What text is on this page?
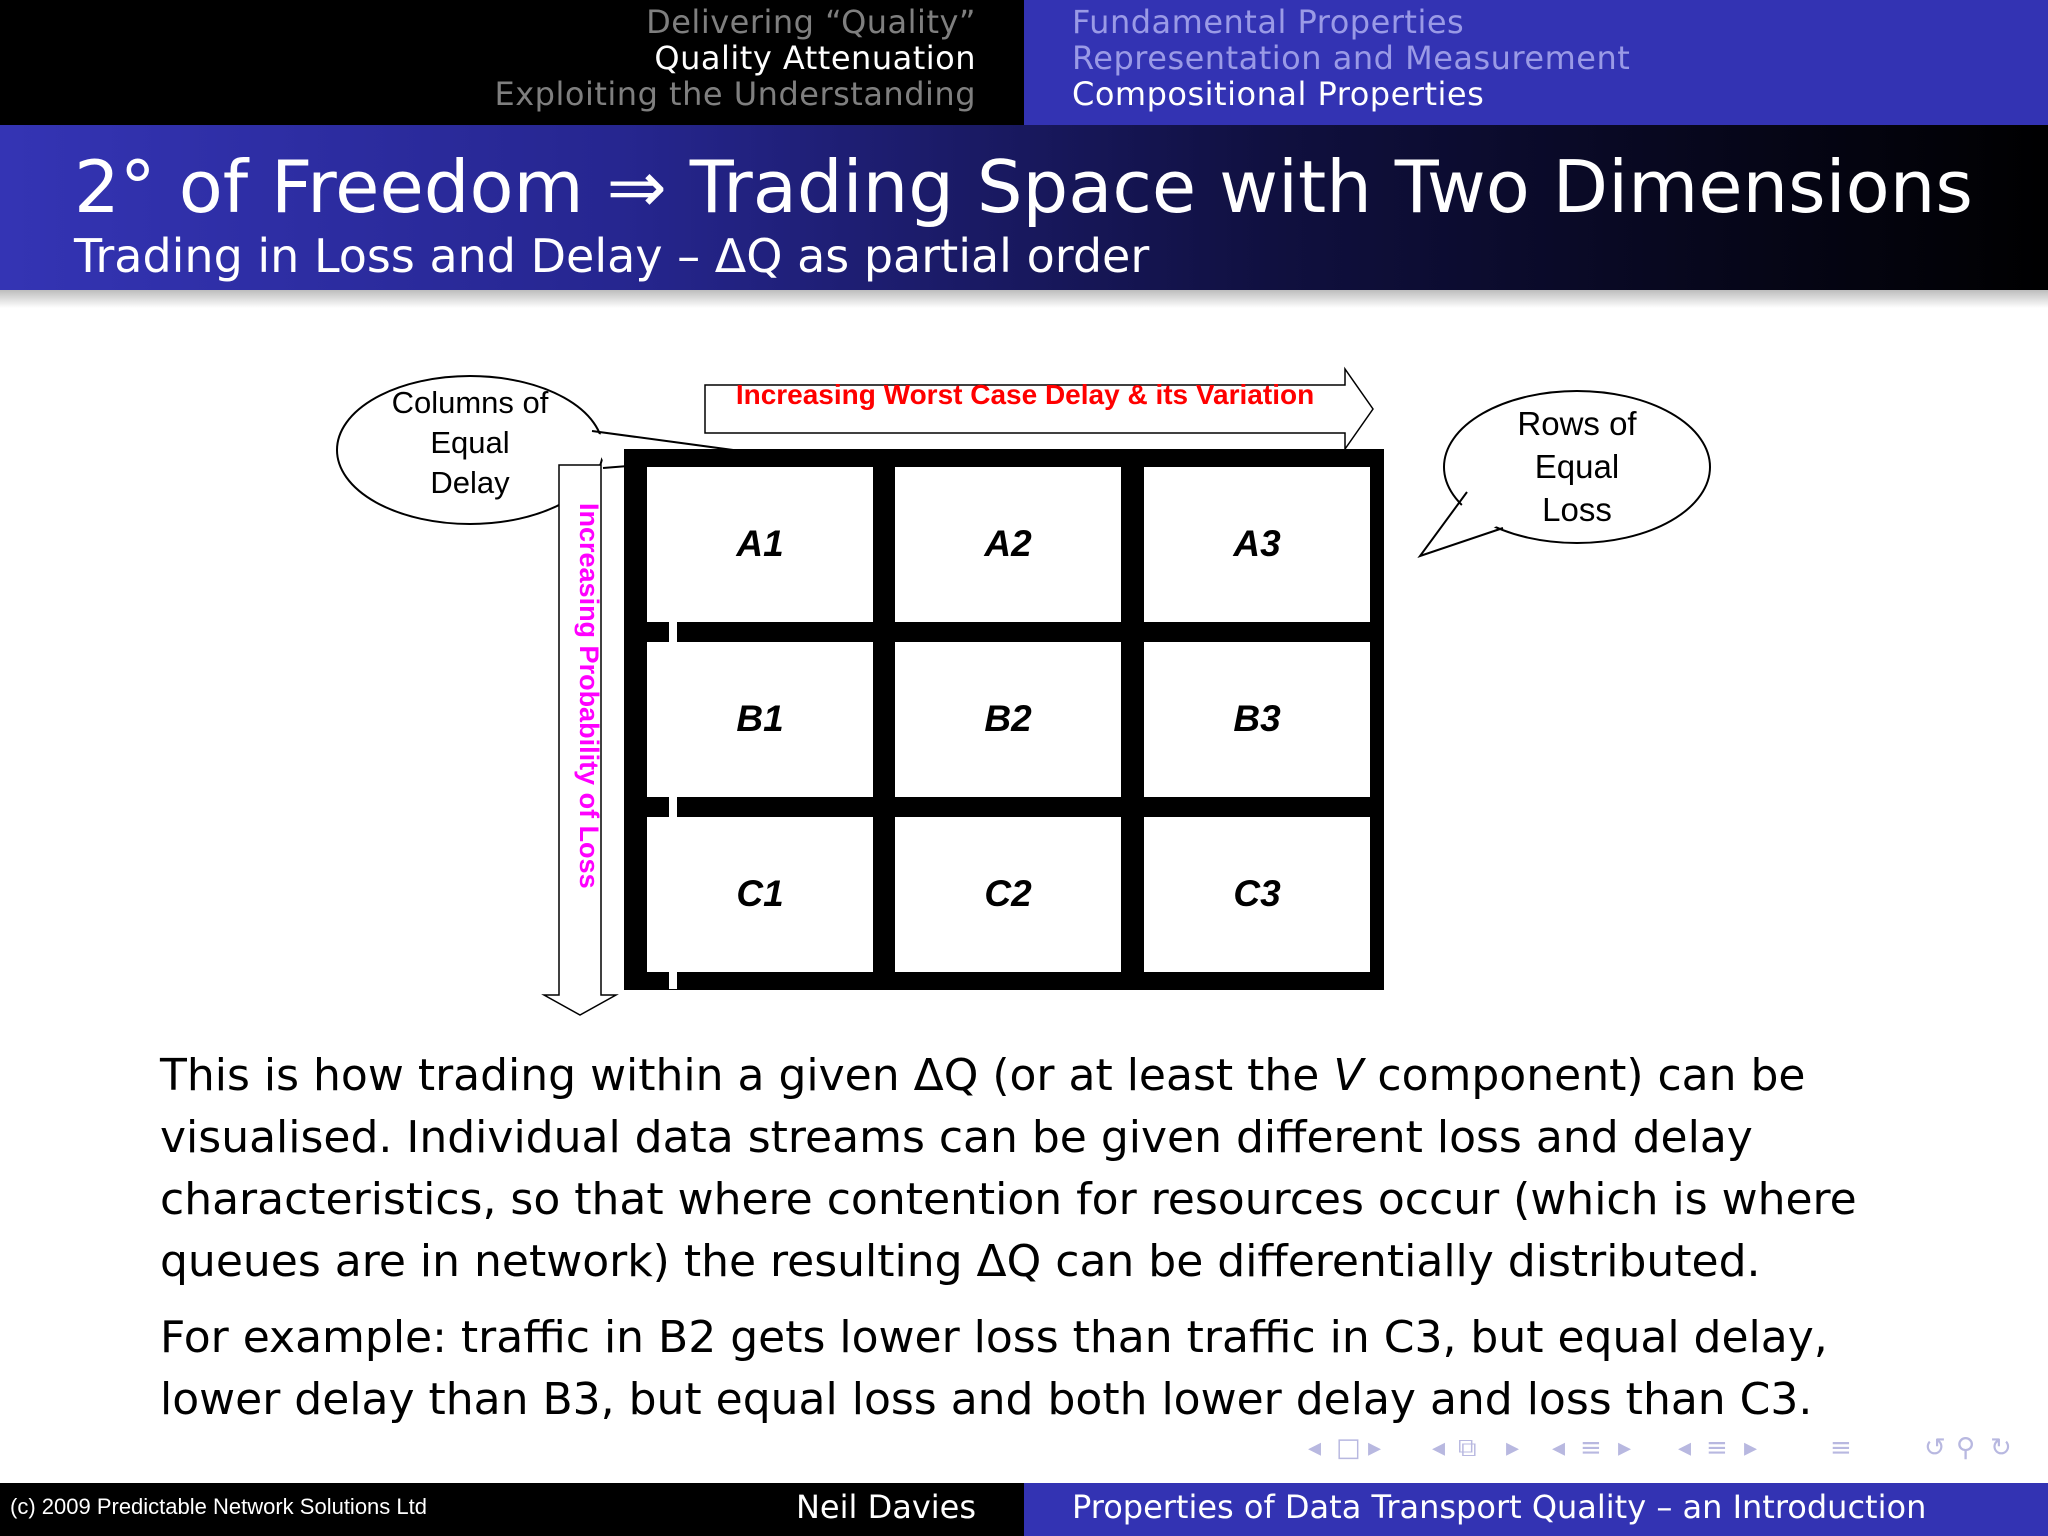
Delivering “Quality”
Quality Attenuation
Exploiting the Understanding
Fundamental Properties
Representation and Measurement
Compositional Properties
2° of Freedom ⇒ Trading Space with Two Dimensions
Trading in Loss and Delay – ΔQ as partial order
Columns of
Equal
Delay
Rows of
Equal
Loss
Increasing Worst Case Delay & its Variation
Increasing Probability of Loss	A1	A2	A3
B1	B2	B3
C1	C2	C3

This is how trading within a given ΔQ (or at least the V component) can be visualised. Individual data streams can be given different loss and delay characteristics, so that where contention for resources occur (which is where queues are in network) the resulting ΔQ can be differentially distributed.

For example: traffic in B2 gets lower loss than traffic in C3, but equal delay, lower delay than B3, but equal loss and both lower delay and loss than C3.

◂ □ ▸ ◂ ⧉ ▸ ◂ ≡ ▸ ◂ ≡ ▸	≡	↺ ⚲ ↻
(c) 2009 Predictable Network Solutions Ltd	Neil Davies	Properties of Data Transport Quality – an Introduction
